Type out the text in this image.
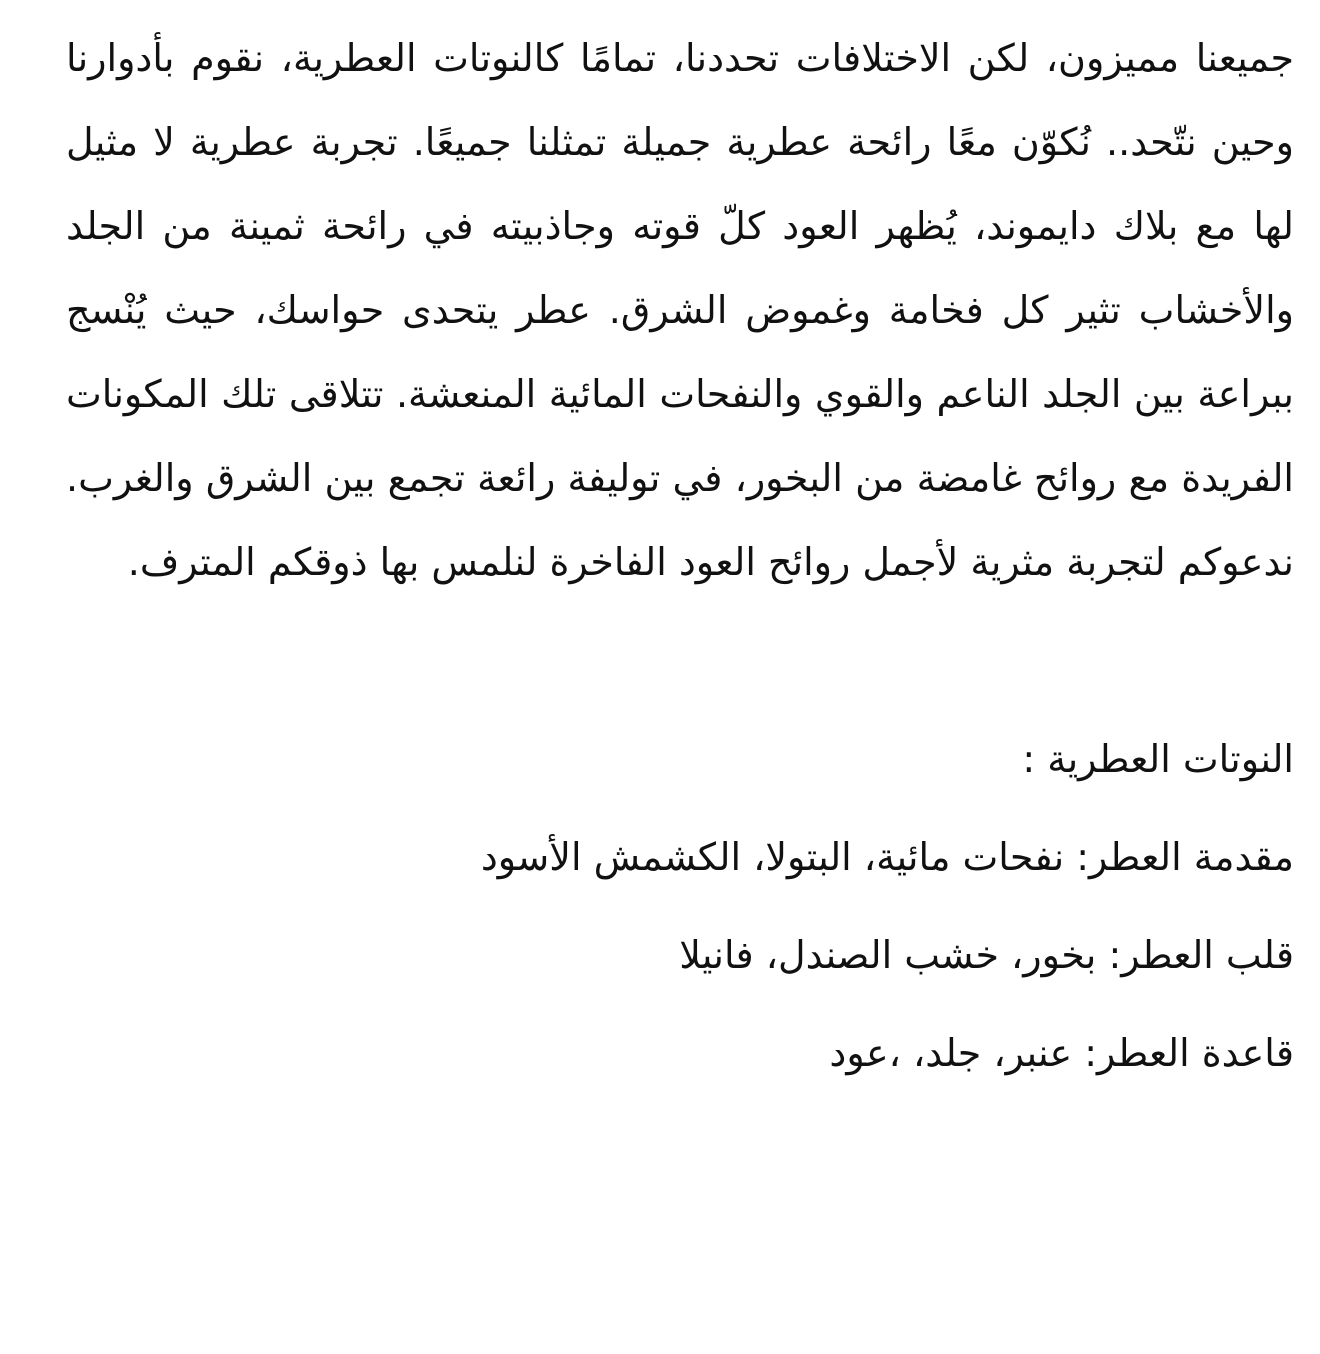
جميعنا مميزون، لكن الاختلافات تحددنا، تمامًا كالنوتات العطرية، نقوم بأدوارنا وحين نتّحد.. نُكوّن معًا رائحة عطرية جميلة تمثلنا جميعًا. تجربة عطرية لا مثيل لها مع بلاك دايموند، يُظهر العود كلّ قوته وجاذبيته في رائحة ثمينة من الجلد والأخشاب تثير كل فخامة وغموض الشرق. عطر يتحدى حواسك، حيث يُنْسج ببراعة بين الجلد الناعم والقوي والنفحات المائية المنعشة. تتلاقى تلك المكونات الفريدة مع روائح غامضة من البخور، في توليفة رائعة تجمع بين الشرق والغرب. ندعوكم لتجربة مثرية لأجمل روائح العود الفاخرة لنلمس بها ذوقكم المترف.

النوتات العطرية :

مقدمة العطر: نفحات مائية، البتولا، الكشمش الأسود

قلب العطر: بخور، خشب الصندل، فانيلا

قاعدة العطر: عنبر، جلد، ،عود
